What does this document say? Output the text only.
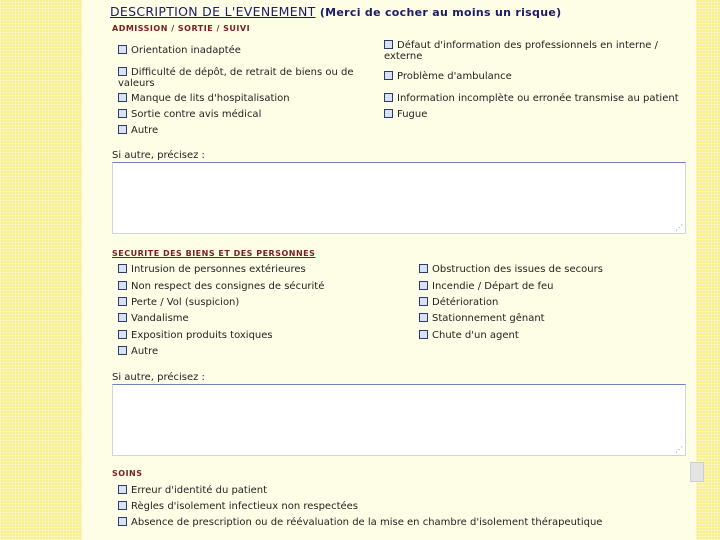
DESCRIPTION DE L'EVENEMENT (Merci de cocher au moins un risque)
ADMISSION / SORTIE / SUIVI
Orientation inadaptée
Difficulté de dépôt, de retrait de biens ou de valeurs
Manque de lits d'hospitalisation
Sortie contre avis médical
Autre
Défaut d'information des professionnels en interne / externe
Problème d'ambulance
Information incomplète ou erronée transmise au patient
Fugue
Si autre, précisez :
⋰
SECURITE DES BIENS ET DES PERSONNES
Intrusion de personnes extérieures
Non respect des consignes de sécurité
Perte / Vol (suspicion)
Vandalisme
Exposition produits toxiques
Autre
Obstruction des issues de secours
Incendie / Départ de feu
Détérioration
Stationnement gênant
Chute d'un agent
Si autre, précisez :
⋰
SOINS
Erreur d'identité du patient
Règles d'isolement infectieux non respectées
Absence de prescription ou de réévaluation de la mise en chambre d'isolement thérapeutique
